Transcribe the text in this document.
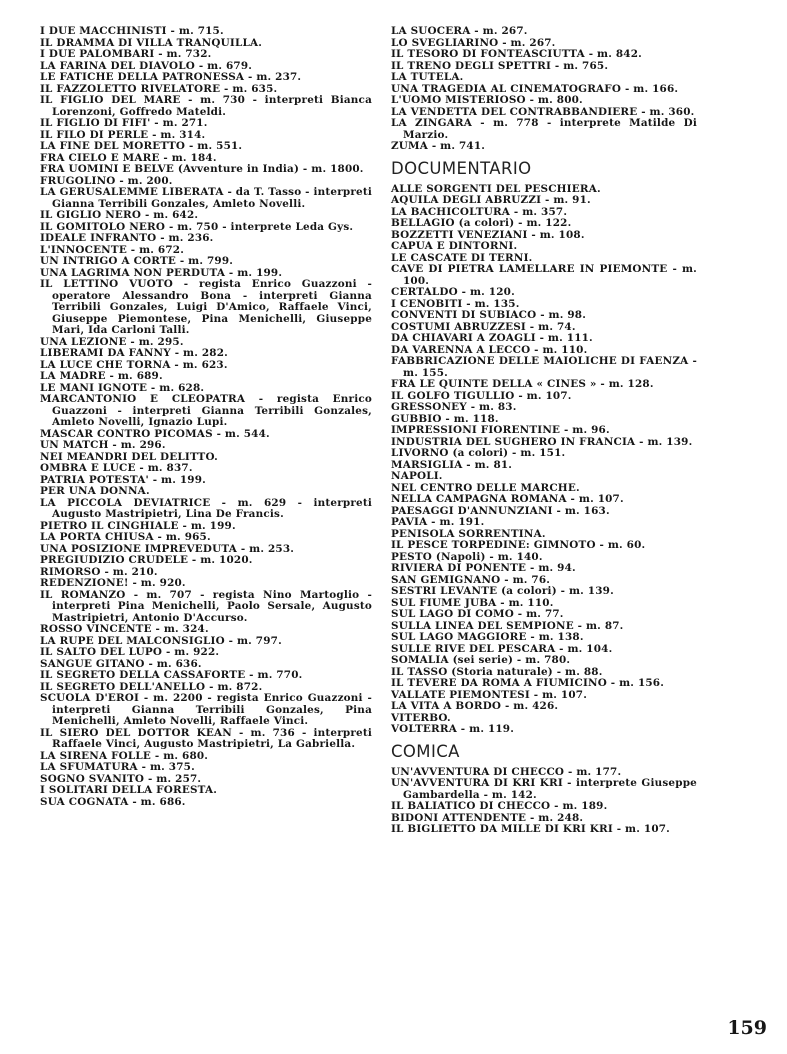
I DUE MACCHINISTI - m. 715.

IL DRAMMA DI VILLA TRANQUILLA.

I DUE PALOMBARI - m. 732.

LA FARINA DEL DIAVOLO - m. 679.

LE FATICHE DELLA PATRONESSA - m. 237.

IL FAZZOLETTO RIVELATORE - m. 635.

IL FIGLIO DEL MARE - m. 730 - interpreti Bianca Lorenzoni, Goffredo Mateldi.

IL FIGLIO DI FIFI' - m. 271.

IL FILO DI PERLE - m. 314.

LA FINE DEL MORETTO - m. 551.

FRA CIELO E MARE - m. 184.

FRA UOMINI E BELVE (Avventure in India) - m. 1800.

FRUGOLINO - m. 200.

LA GERUSALEMME LIBERATA - da T. Tasso - interpreti Gianna Terribili Gonzales, Amleto Novelli.

IL GIGLIO NERO - m. 642.

IL GOMITOLO NERO - m. 750 - interprete Leda Gys.

IDEALE INFRANTO - m. 236.

L'INNOCENTE - m. 672.

UN INTRIGO A CORTE - m. 799.

UNA LAGRIMA NON PERDUTA - m. 199.

IL LETTINO VUOTO - regista Enrico Guazzoni - operatore Alessandro Bona - interpreti Gianna Terribili Gonzales, Luigi D'Amico, Raffaele Vinci, Giuseppe Piemontese, Pina Menichelli, Giuseppe Mari, Ida Carloni Talli.

UNA LEZIONE - m. 295.

LIBERAMI DA FANNY - m. 282.

LA LUCE CHE TORNA - m. 623.

LA MADRE - m. 689.

LE MANI IGNOTE - m. 628.

MARCANTONIO E CLEOPATRA - regista Enrico Guazzoni - interpreti Gianna Terribili Gonzales, Amleto Novelli, Ignazio Lupi.

MASCAR CONTRO PICOMAS - m. 544.

UN MATCH - m. 296.

NEI MEANDRI DEL DELITTO.

OMBRA E LUCE - m. 837.

PATRIA POTESTA' - m. 199.

PER UNA DONNA.

LA PICCOLA DEVIATRICE - m. 629 - interpreti Augusto Mastripietri, Lina De Francis.

PIETRO IL CINGHIALE - m. 199.

LA PORTA CHIUSA - m. 965.

UNA POSIZIONE IMPREVEDUTA - m. 253.

PREGIUDIZIO CRUDELE - m. 1020.

RIMORSO - m. 210.

REDENZIONE! - m. 920.

IL ROMANZO - m. 707 - regista Nino Martoglio - interpreti Pina Menichelli, Paolo Sersale, Augusto Mastripietri, Antonio D'Accurso.

ROSSO VINCENTE - m. 324.

LA RUPE DEL MALCONSIGLIO - m. 797.

IL SALTO DEL LUPO - m. 922.

SANGUE GITANO - m. 636.

IL SEGRETO DELLA CASSAFORTE - m. 770.

IL SEGRETO DELL'ANELLO - m. 872.

SCUOLA D'EROI - m. 2200 - regista Enrico Guazzoni - interpreti Gianna Terribili Gonzales, Pina Menichelli, Amleto Novelli, Raffaele Vinci.

IL SIERO DEL DOTTOR KEAN - m. 736 - interpreti Raffaele Vinci, Augusto Mastripietri, La Gabriella.

LA SIRENA FOLLE - m. 680.

LA SFUMATURA - m. 375.

SOGNO SVANITO - m. 257.

I SOLITARI DELLA FORESTA.

SUA COGNATA - m. 686.

LA SUOCERA - m. 267.

LO SVEGLIARINO - m. 267.

IL TESORO DI FONTEASCIUTTA - m. 842.

IL TRENO DEGLI SPETTRI - m. 765.

LA TUTELA.

UNA TRAGEDIA AL CINEMATOGRAFO - m. 166.

L'UOMO MISTERIOSO - m. 800.

LA VENDETTA DEL CONTRABBANDIERE - m. 360.

LA ZINGARA - m. 778 - interprete Matilde Di Marzio.

ZUMA - m. 741.

DOCUMENTARIO

ALLE SORGENTI DEL PESCHIERA.

AQUILA DEGLI ABRUZZI - m. 91.

LA BACHICOLTURA - m. 357.

BELLAGIO (a colori) - m. 122.

BOZZETTI VENEZIANI - m. 108.

CAPUA E DINTORNI.

LE CASCATE DI TERNI.

CAVE DI PIETRA LAMELLARE IN PIEMONTE - m. 100.

CERTALDO - m. 120.

I CENOBITI - m. 135.

CONVENTI DI SUBIACO - m. 98.

COSTUMI ABRUZZESI - m. 74.

DA CHIAVARI A ZOAGLI - m. 111.

DA VARENNA A LECCO - m. 110.

FABBRICAZIONE DELLE MAIOLICHE DI FAENZA - m. 155.

FRA LE QUINTE DELLA « CINES » - m. 128.

IL GOLFO TIGULLIO - m. 107.

GRESSONEY - m. 83.

GUBBIO - m. 118.

IMPRESSIONI FIORENTINE - m. 96.

INDUSTRIA DEL SUGHERO IN FRANCIA - m. 139.

LIVORNO (a colori) - m. 151.

MARSIGLIA - m. 81.

NAPOLI.

NEL CENTRO DELLE MARCHE.

NELLA CAMPAGNA ROMANA - m. 107.

PAESAGGI D'ANNUNZIANI - m. 163.

PAVIA - m. 191.

PENISOLA SORRENTINA.

IL PESCE TORPEDINE: GIMNOTO - m. 60.

PESTO (Napoli) - m. 140.

RIVIERA DI PONENTE - m. 94.

SAN GEMIGNANO - m. 76.

SESTRI LEVANTE (a colori) - m. 139.

SUL FIUME JUBA - m. 110.

SUL LAGO DI COMO - m. 77.

SULLA LINEA DEL SEMPIONE - m. 87.

SUL LAGO MAGGIORE - m. 138.

SULLE RIVE DEL PESCARA - m. 104.

SOMALIA (sei serie) - m. 780.

IL TASSO (Storia naturale) - m. 88.

IL TEVERE DA ROMA A FIUMICINO - m. 156.

VALLATE PIEMONTESI - m. 107.

LA VITA A BORDO - m. 426.

VITERBO.

VOLTERRA - m. 119.

COMICA

UN'AVVENTURA DI CHECCO - m. 177.

UN'AVVENTURA DI KRI KRI - interprete Giuseppe Gambardella - m. 142.

IL BALIATICO DI CHECCO - m. 189.

BIDONI ATTENDENTE - m. 248.

IL BIGLIETTO DA MILLE DI KRI KRI - m. 107.

159
